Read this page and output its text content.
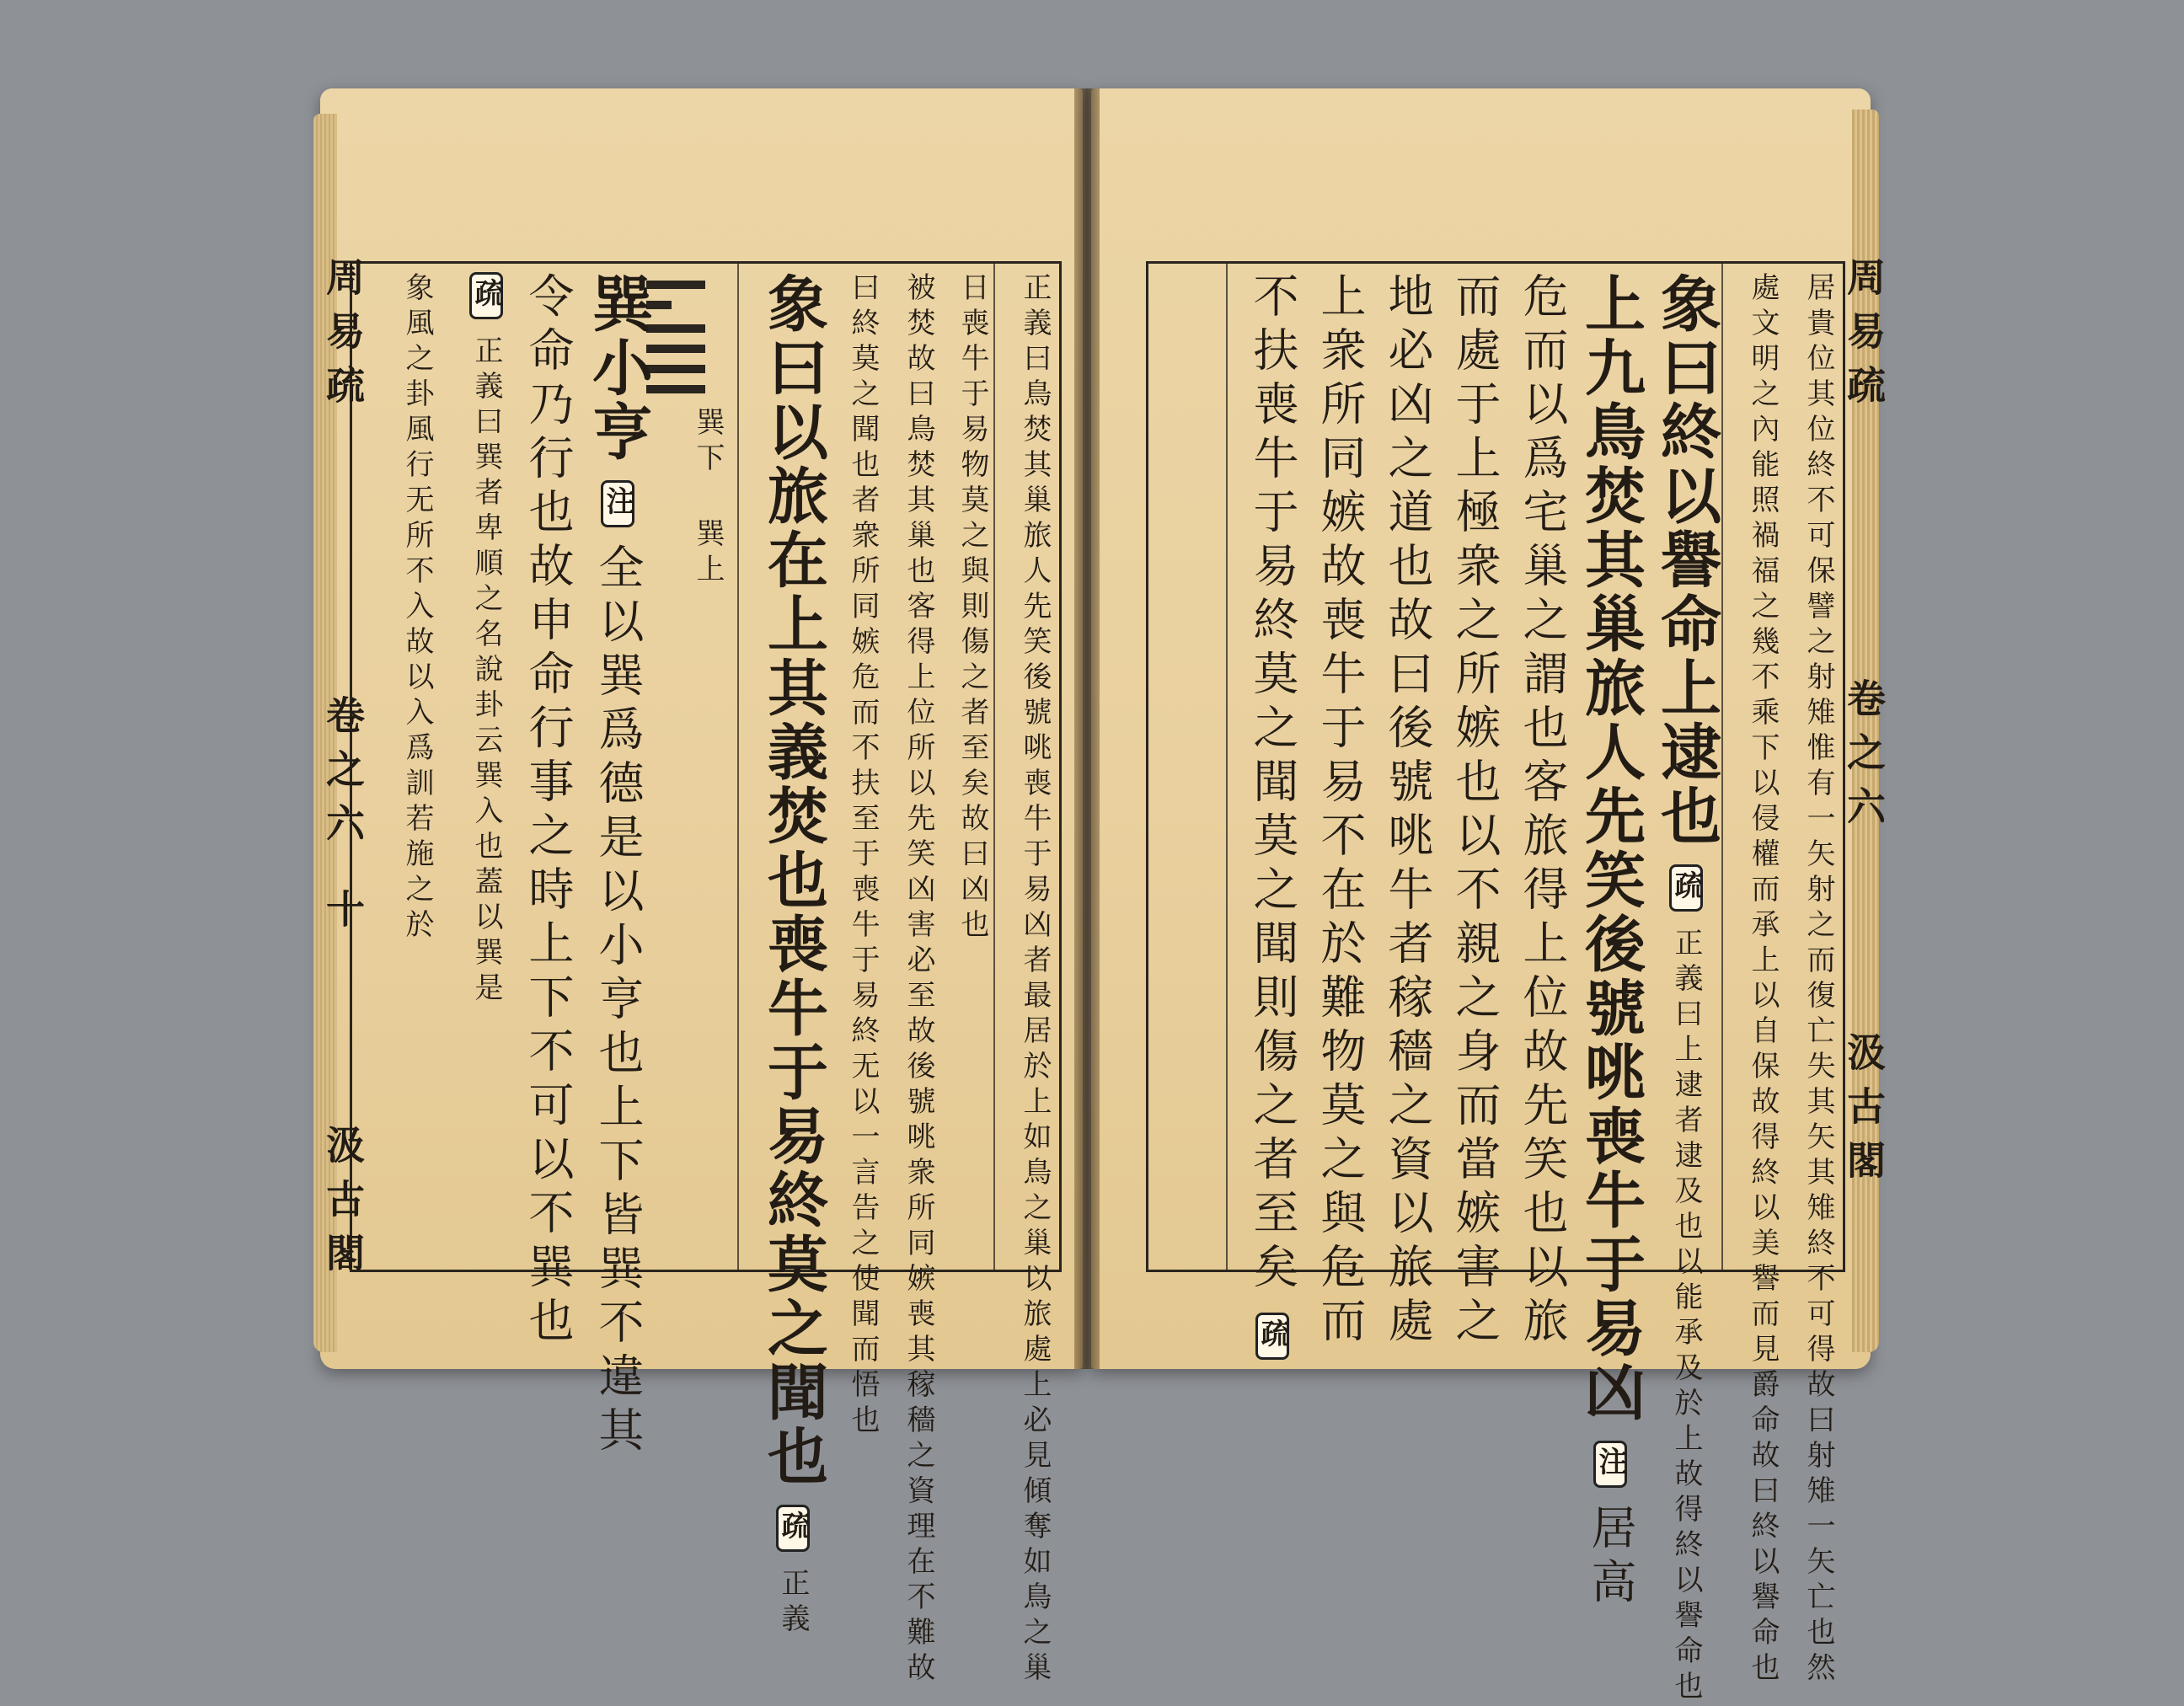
正義曰鳥焚其巢旅人先笑後號咷喪牛于易凶者最居於上如鳥之巢以旅處上必見傾奪如鳥之巢
日喪牛于易物莫之與則傷之者至矣故曰凶也
被焚故曰鳥焚其巢也客得上位所以先笑凶害必至故後號咷衆所同嫉喪其稼穡之資理在不難故
曰終莫之聞也者衆所同嫉危而不扶至于喪牛于易終无以一言告之使聞而悟也
象曰以旅在上其義焚也喪牛于易終莫之聞也 疏 正義
巽下 巽上
巽小亨 注 全以巽爲德是以小亨也上下皆巽不違其
令命乃行也故申命行事之時上下不可以不巽也
疏 正義曰巽者卑順之名說卦云巽入也蓋以巽是
象風之卦風行无所不入故以入爲訓若施之於
周易疏
卷之六
十
汲古閣	居貴位其位終不可保譬之射雉惟有一矢射之而復亡失其矢其雉終不可得故曰射雉一矢亡也然
處文明之內能照禍福之幾不乘下以侵權而承上以自保故得終以美譽而見爵命故曰終以譽命也
象曰終以譽命上逮也 疏 正義曰上逮者逮及也以能承及於上故得終以譽命也
上九鳥焚其巢旅人先笑後號咷喪牛于易凶 注 居高
危而以爲宅巢之謂也客旅得上位故先笑也以旅
而處于上極衆之所嫉也以不親之身而當嫉害之
地必凶之道也故曰後號咷牛者稼穡之資以旅處
上衆所同嫉故喪牛于易不在於難物莫之與危而
不扶喪牛于易終莫之聞莫之聞則傷之者至矣 疏
周易疏
卷之六
汲古閣
